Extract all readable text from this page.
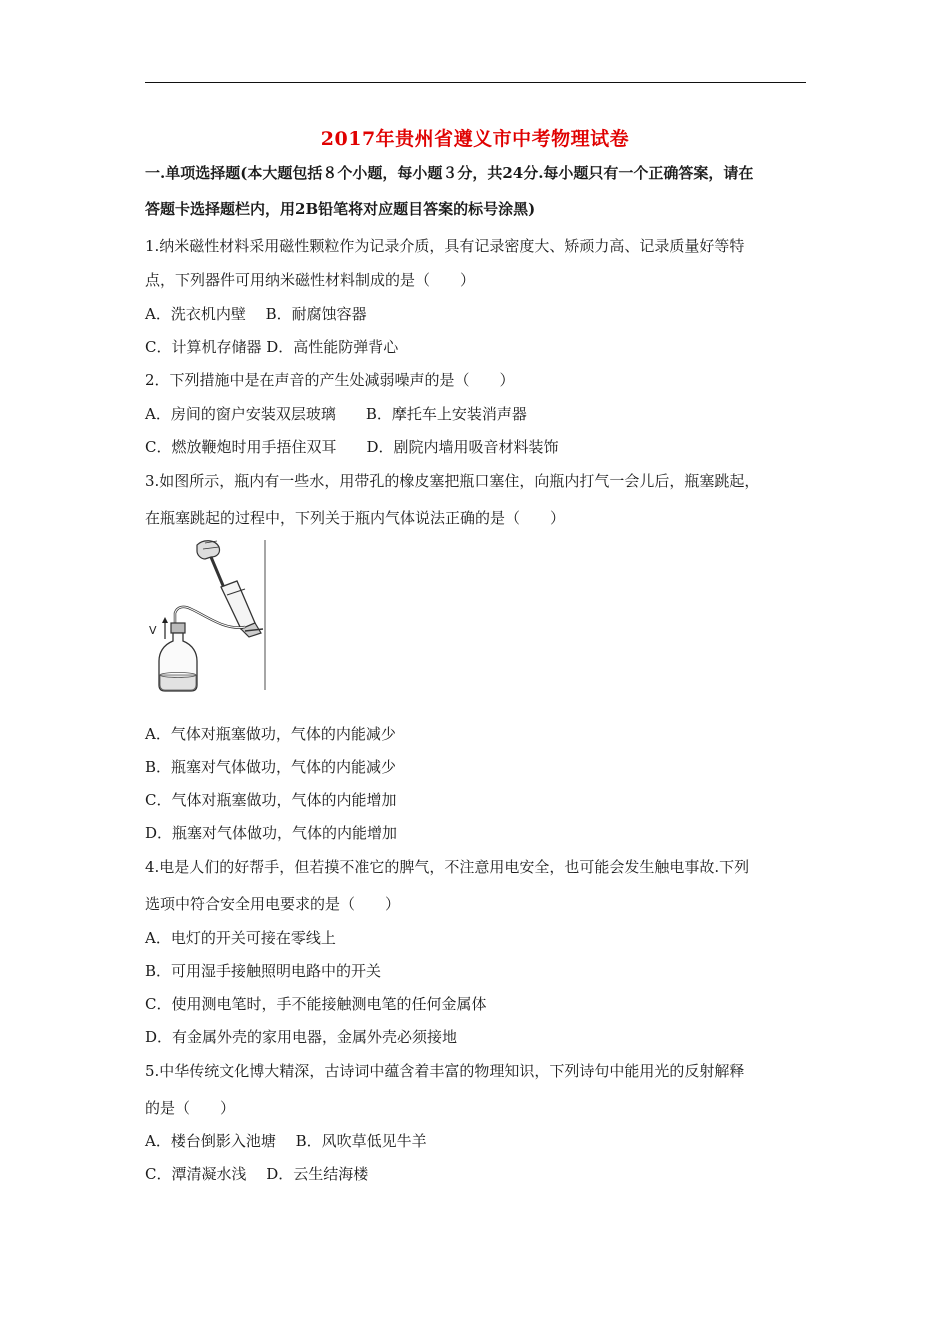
2017年贵州省遵义市中考物理试卷
一.单项选择题(本大题包括８个小题，每小题３分，共24分.每小题只有一个正确答案，请在
答题卡选择题栏内，用2B铅笔将对应题目答案的标号涂黑)
1.纳米磁性材料采用磁性颗粒作为记录介质，具有记录密度大、矫顽力高、记录质量好等特
点，下列器件可用纳米磁性材料制成的是（　　）
A．洗衣机内壁　 B．耐腐蚀容器
C．计算机存储器 D．高性能防弹背心
2．下列措施中是在声音的产生处减弱噪声的是（　　）
A．房间的窗户安装双层玻璃　　B．摩托车上安装消声器
C．燃放鞭炮时用手捂住双耳　　D．剧院内墙用吸音材料装饰
3.如图所示，瓶内有一些水，用带孔的橡皮塞把瓶口塞住，向瓶内打气一会儿后，瓶塞跳起，
在瓶塞跳起的过程中，下列关于瓶内气体说法正确的是（　　）
V
A．气体对瓶塞做功，气体的内能减少
B．瓶塞对气体做功，气体的内能减少
C．气体对瓶塞做功，气体的内能增加
D．瓶塞对气体做功，气体的内能增加
4.电是人们的好帮手，但若摸不准它的脾气，不注意用电安全，也可能会发生触电事故.下列
选项中符合安全用电要求的是（　　）
A．电灯的开关可接在零线上
B．可用湿手接触照明电路中的开关
C．使用测电笔时，手不能接触测电笔的任何金属体
D．有金属外壳的家用电器，金属外壳必须接地
5.中华传统文化博大精深，古诗词中蕴含着丰富的物理知识，下列诗句中能用光的反射解释
的是（　　）
A．楼台倒影入池塘　 B．风吹草低见牛羊
C．潭清凝水浅　 D．云生结海楼
